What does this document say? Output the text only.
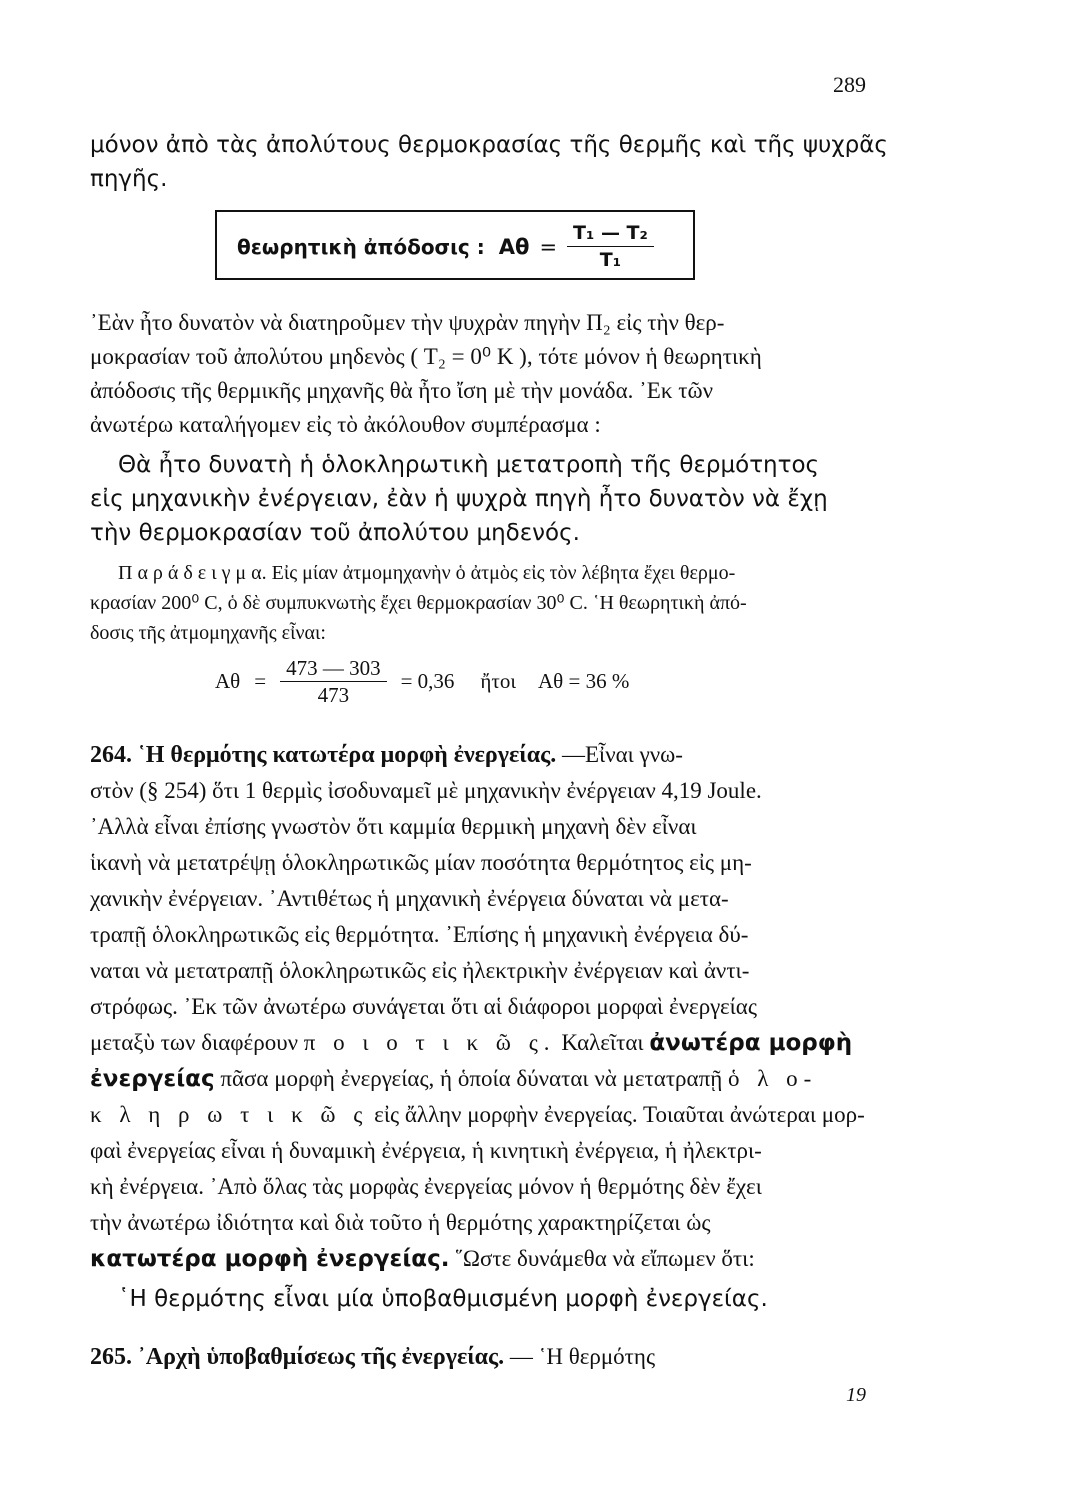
289
μόνον ἀπὸ τὰς ἀπολύτους θερμοκρασίας τῆς θερμῆς καὶ τῆς ψυχρᾶς
πηγῆς.
θεωρητικὴ ἀπόδοσις : $A\theta = \frac{\text{T₁ — T₂}}{\text{T₁}}$
᾿Εὰν ἦτο δυνατὸν νὰ διατηροῦμεν τὴν ψυχρὰν πηγὴν Π₂ εἰς τὴν θερ-
μοκρασίαν τοῦ ἀπολύτου μηδενὸς ( T₂ = 0⁰ K ), τότε μόνον ἡ θεωρητικὴ
ἀπόδοσις τῆς θερμικῆς μηχανῆς θὰ ἦτο ἴση μὲ τὴν μονάδα. ᾿Εκ τῶν
ἀνωτέρω καταλήγομεν εἰς τὸ ἀκόλουθον συμπέρασμα :
Θὰ ἦτο δυνατὴ ἡ ὁλοκληρωτικὴ μετατροπὴ τῆς θερμότητος
εἰς μηχανικὴν ἐνέργειαν, ἐὰν ἡ ψυχρὰ πηγὴ ἦτο δυνατὸν νὰ ἔχῃ
τὴν θερμοκρασίαν τοῦ ἀπολύτου μηδενός.
Π α ρ ά δ ε ι γ μ α. Εἰς μίαν ἀτμομηχανὴν ὁ ἀτμὸς εἰς τὸν λέβητα ἔχει θερμο-
κρασίαν 200⁰ C, ὁ δὲ συμπυκνωτὴς ἔχει θερμοκρασίαν 30⁰ C. ῾Η θεωρητικὴ ἀπό-
δοσις τῆς ἀτμομηχανῆς εἶναι:
$A\theta = \frac{473 — 303}{473} = 0,36$ ἤτοι Αθ = 36 %
264. ῾Η θερμότης κατωτέρα μορφὴ ἐνεργείας. —Εἶναι γνω-
στὸν (§ 254) ὅτι 1 θερμὶς ἰσοδυναμεῖ μὲ μηχανικὴν ἐνέργειαν 4,19 Joule.
᾿Αλλὰ εἶναι ἐπίσης γνωστὸν ὅτι καμμία θερμικὴ μηχανὴ δὲν εἶναι
ἱκανὴ νὰ μετατρέψῃ ὁλοκληρωτικῶς μίαν ποσότητα θερμότητος εἰς μη-
χανικὴν ἐνέργειαν. ᾿Αντιθέτως ἡ μηχανικὴ ἐνέργεια δύναται νὰ μετα-
τραπῇ ὁλοκληρωτικῶς εἰς θερμότητα. ᾿Επίσης ἡ μηχανικὴ ἐνέργεια δύ-
ναται νὰ μετατραπῇ ὁλοκληρωτικῶς εἰς ἠλεκτρικὴν ἐνέργειαν καὶ ἀντι-
στρόφως. ᾿Εκ τῶν ἀνωτέρω συνάγεται ὅτι αἱ διάφοροι μορφαὶ ἐνεργείας
μεταξὺ των διαφέρουν π ο ι ο τ ι κ ῶ ς. Καλεῖται ἀνωτέρα μορφὴ
ἐνεργείας πᾶσα μορφὴ ἐνεργείας, ἡ ὁποία δύναται νὰ μετατραπῇ ὁ λ ο-
κ λ η ρ ω τ ι κ ῶ ς εἰς ἄλλην μορφὴν ἐνεργείας. Τοιαῦται ἀνώτεραι μορ-
φαὶ ἐνεργείας εἶναι ἡ δυναμικὴ ἐνέργεια, ἡ κινητικὴ ἐνέργεια, ἡ ἠλεκτρι-
κὴ ἐνέργεια. ᾿Απὸ ὅλας τὰς μορφὰς ἐνεργείας μόνον ἡ θερμότης δὲν ἔχει
τὴν ἀνωτέρω ἰδιότητα καὶ διὰ τοῦτο ἡ θερμότης χαρακτηρίζεται ὡς
κατωτέρα μορφὴ ἐνεργείας. ῞Ωστε δυνάμεθα νὰ εἴπωμεν ὅτι:
῾Η θερμότης εἶναι μία ὑποβαθμισμένη μορφὴ ἐνεργείας.
265. ᾿Αρχὴ ὑποβαθμίσεως τῆς ἐνεργείας. — ῾Η θερμότης
19
